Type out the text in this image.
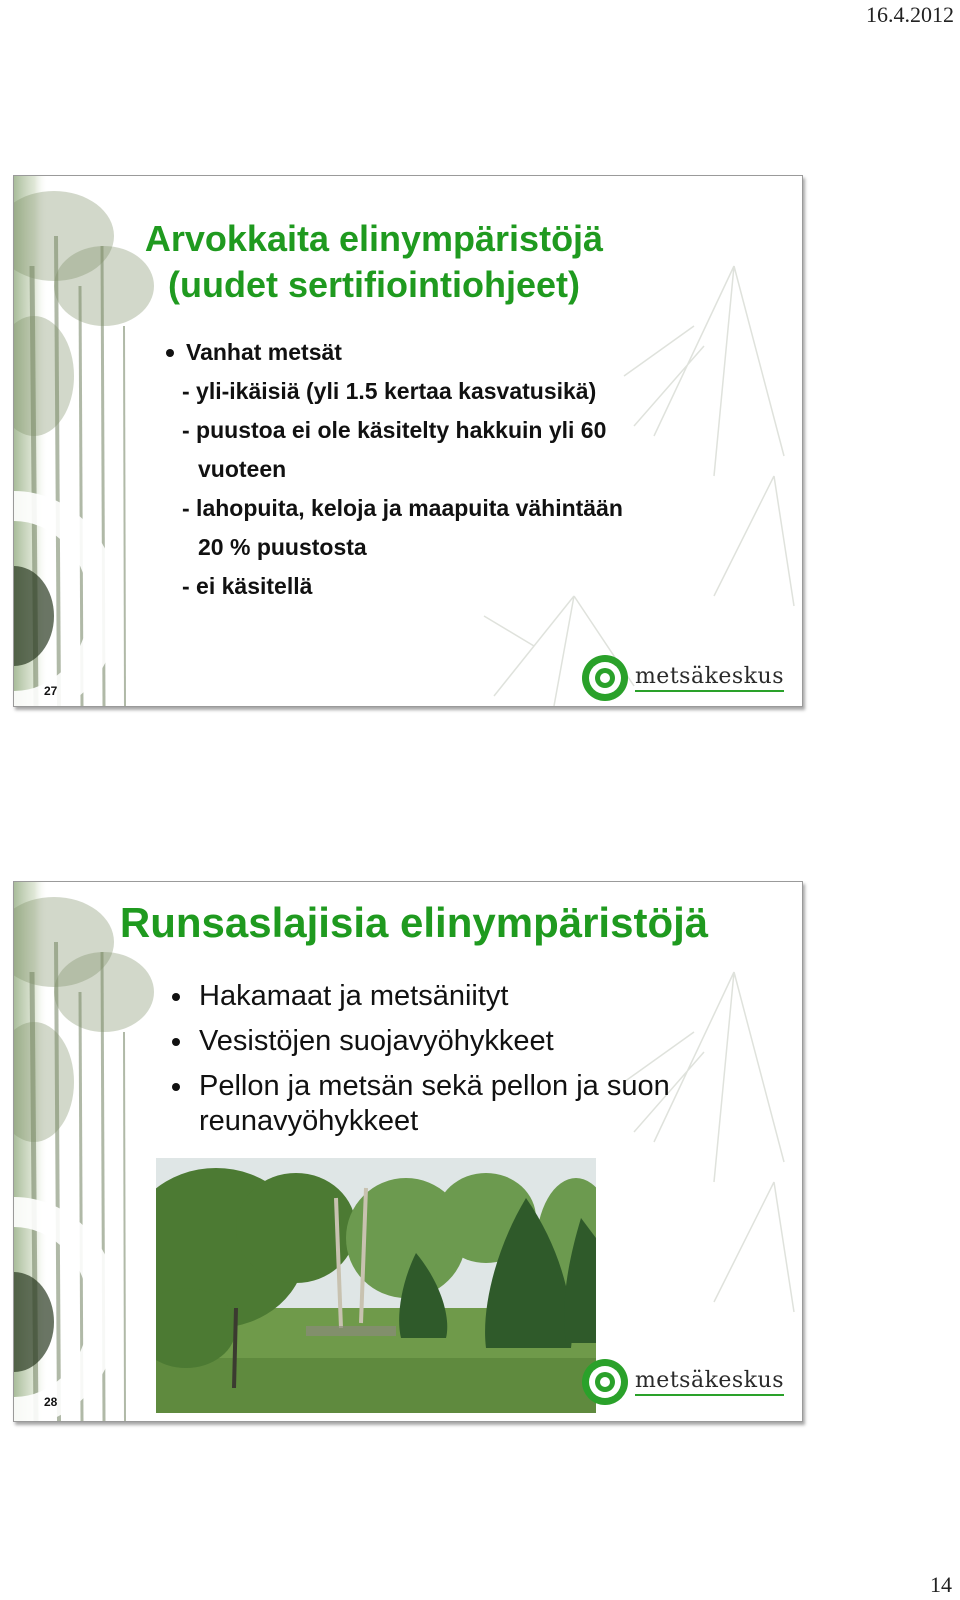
16.4.2012
Arvokkaita elinympäristöjä
(uudet sertifiointiohjeet)
Vanhat metsät
- yli-ikäisiä (yli 1.5 kertaa kasvatusikä)
- puustoa ei ole käsitelty hakkuin yli 60
vuoteen
- lahopuita, keloja ja maapuita vähintään
20 % puustosta
- ei käsitellä
27
metsäkeskus
Runsaslajisia elinympäristöjä
Hakamaat ja metsäniityt
Vesistöjen suojavyöhykkeet
Pellon ja metsän sekä pellon ja suon
reunavyöhykkeet
28
metsäkeskus
14
